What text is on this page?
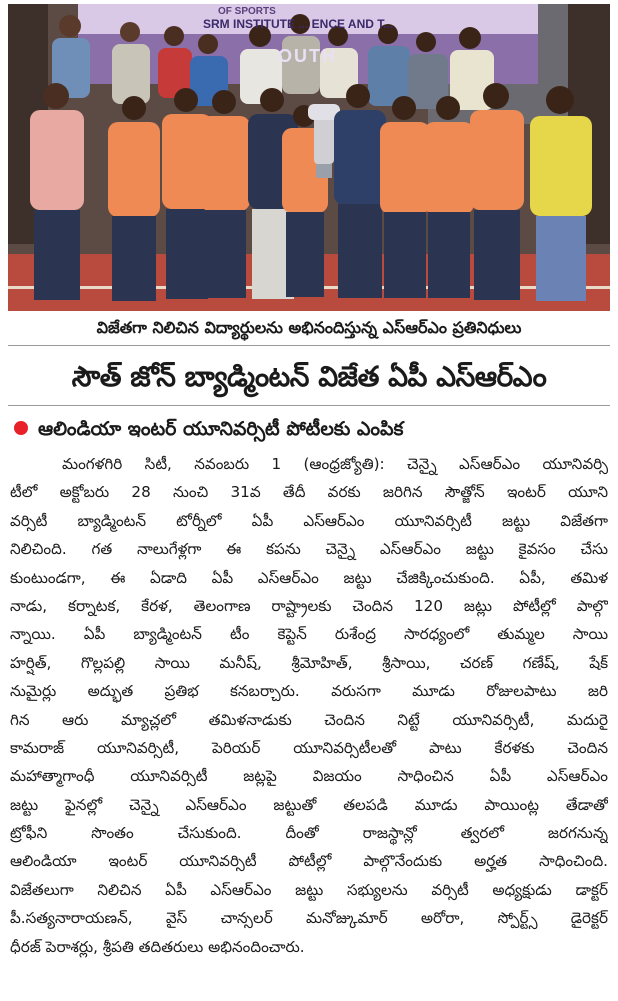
OF SPORTS
SRM INSTITUTE ... ENCE AND T...
OUTH
విజేతగా నిలిచిన విద్యార్థులను అభినందిస్తున్న ఎస్ఆర్ఎం ప్రతినిధులు
సౌత్ జోన్ బ్యాడ్మింటన్ విజేత ఏపీ ఎస్ఆర్ఎం
ఆలిండియా ఇంటర్ యూనివర్సిటీ పోటీలకు ఎంపిక
మంగళగిరి సిటీ, నవంబరు 1 (ఆంధ్రజ్యోతి): చెన్నై ఎస్ఆర్ఎం యూనివర్సి
టీలో అక్టోబరు 28 నుంచి 31వ తేదీ వరకు జరిగిన సౌత్జోన్ ఇంటర్ యూని
వర్సిటీ బ్యాడ్మింటన్ టోర్నీలో ఏపీ ఎస్ఆర్ఎం యూనివర్సిటీ జట్టు విజేతగా
నిలిచింది. గత నాలుగేళ్లగా ఈ కపను చెన్నై ఎస్ఆర్ఎం జట్టు కైవసం చేసు
కుంటుండగా, ఈ ఏడాది ఏపీ ఎస్ఆర్ఎం జట్టు చేజిక్కించుకుంది. ఏపీ, తమిళ
నాడు, కర్నాటక, కేరళ, తెలంగాణ రాష్ట్రాలకు చెందిన 120 జట్లు పోటీల్లో పాల్గొ
న్నాయి. ఏపీ బ్యాడ్మింటన్ టీం కెప్టెన్ రుశేంద్ర సారధ్యంలో తుమ్మల సాయి
హర్షిత్, గొల్లపల్లి సాయి మనీష్, శ్రీమోహిత్, శ్రీసాయి, చరణ్ గణేష్, షేక్
నుమైర్లు అద్భుత ప్రతిభ కనబర్చారు. వరుసగా మూడు రోజులపాటు జరి
గిన ఆరు మ్యాచ్లలో తమిళనాడుకు చెందిన నిట్టే యూనివర్సిటీ, మదురై
కామరాజ్ యూనివర్సిటీ, పెరియర్ యూనివర్సిటీలతో పాటు కేరళకు చెందిన
మహాత్మాగాంధీ యూనివర్సిటీ జట్లపై విజయం సాధించిన ఏపీ ఎస్ఆర్ఎం
జట్టు ఫైనల్లో చెన్నై ఎస్ఆర్ఎం జట్టుతో తలపడి మూడు పాయింట్ల తేడాతో
ట్రోఫీని సొంతం చేసుకుంది. దీంతో రాజస్థాన్లో త్వరలో జరగనున్న
ఆలిండియా ఇంటర్ యూనివర్సిటీ పోటీల్లో పాల్గొనేందుకు అర్హత సాధించింది.
విజేతలుగా నిలిచిన ఏపీ ఎస్ఆర్ఎం జట్టు సభ్యులను వర్సిటీ అధ్యక్షుడు డాక్టర్
పీ.సత్యనారాయణన్, వైస్ చాన్సలర్ మనోజ్కుమార్ అరోరా, స్పోర్ట్స్ డైరెక్టర్
ధీరజ్ పెరాశర్లు, శ్రీపతి తదితరులు అభినందించారు.
